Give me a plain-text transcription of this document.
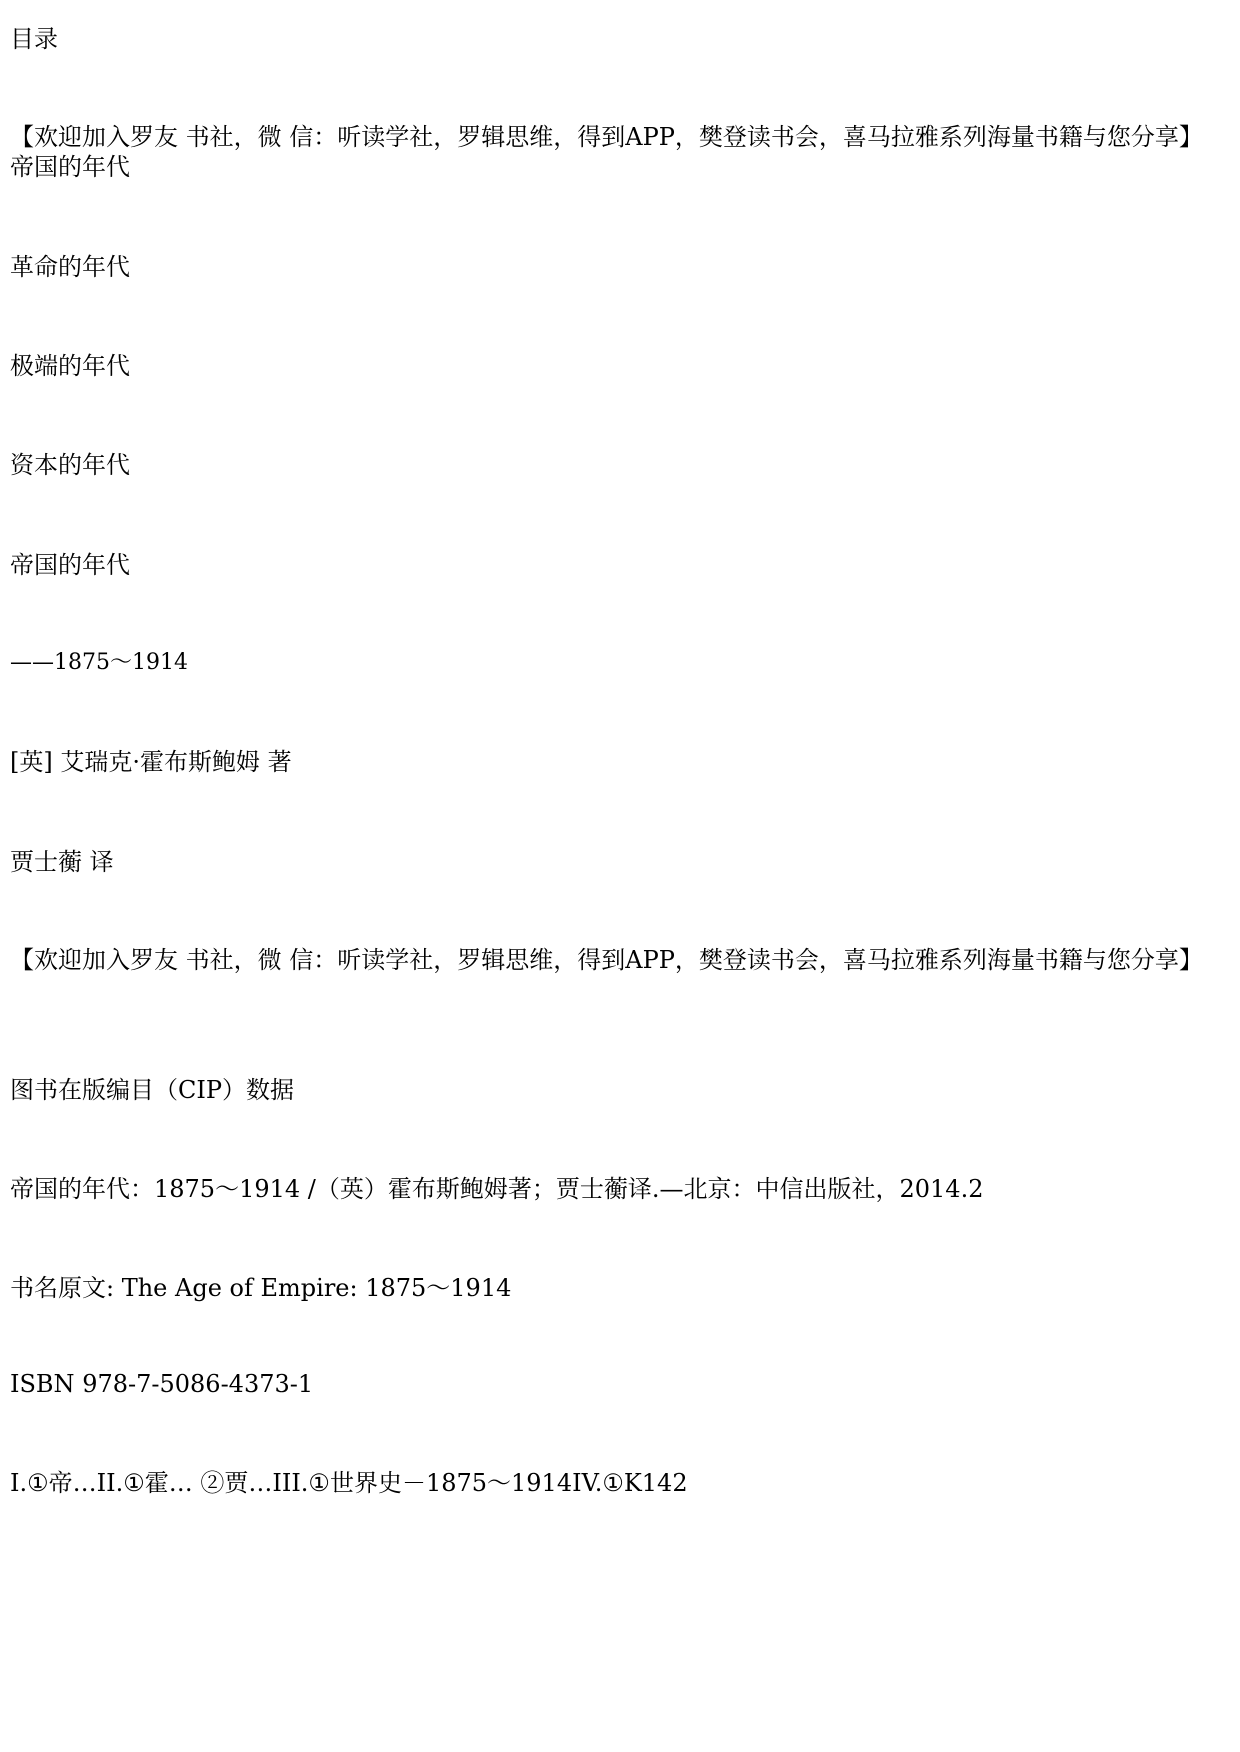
目录
【欢迎加入罗友 书社，微 信：听读学社，罗辑思维，得到APP，樊登读书会，喜马拉雅系列海量书籍与您分享】 帝国的年代
革命的年代
极端的年代
资本的年代
帝国的年代
——1875～1914
[英] 艾瑞克·霍布斯鲍姆 著
贾士蘅 译
【欢迎加入罗友 书社，微 信：听读学社，罗辑思维，得到APP，樊登读书会，喜马拉雅系列海量书籍与您分享】
图书在版编目（CIP）数据
帝国的年代：1875～1914 /（英）霍布斯鲍姆著；贾士蘅译.—北京：中信出版社，2014.2
书名原文: The Age of Empire: 1875～1914
ISBN 978-7-5086-4373-1
I.①帝…II.①霍… ②贾…III.①世界史－1875～1914IV.①K142
